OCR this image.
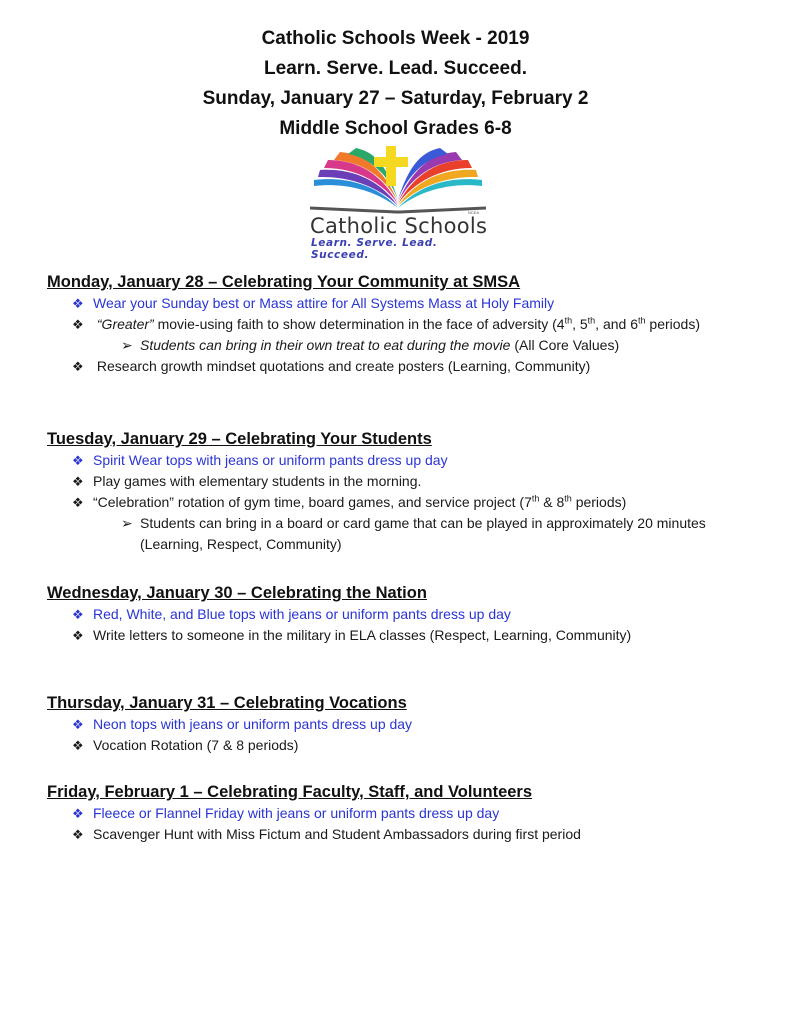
Catholic Schools Week - 2019
Learn. Serve. Lead. Succeed.
Sunday, January 27 – Saturday, February 2
Middle School Grades 6-8
Catholic Schools
Learn. Serve. Lead. Succeed.
NCEA
Monday, January 28 – Celebrating Your Community at SMSA
❖ Wear your Sunday best or Mass attire for All Systems Mass at Holy Family
❖ “Greater” movie-using faith to show determination in the face of adversity (4th, 5th, and 6th periods)
➢ Students can bring in their own treat to eat during the movie (All Core Values)
❖ Research growth mindset quotations and create posters (Learning, Community)
Tuesday, January 29 – Celebrating Your Students
❖ Spirit Wear tops with jeans or uniform pants dress up day
❖ Play games with elementary students in the morning.
❖ “Celebration” rotation of gym time, board games, and service project (7th & 8th periods)
➢ Students can bring in a board or card game that can be played in approximately 20 minutes (Learning, Respect, Community)
Wednesday, January 30 – Celebrating the Nation
❖ Red, White, and Blue tops with jeans or uniform pants dress up day
❖ Write letters to someone in the military in ELA classes (Respect, Learning, Community)
Thursday, January 31 – Celebrating Vocations
❖ Neon tops with jeans or uniform pants dress up day
❖ Vocation Rotation (7 & 8 periods)
Friday, February 1 – Celebrating Faculty, Staff, and Volunteers
❖ Fleece or Flannel Friday with jeans or uniform pants dress up day
❖ Scavenger Hunt with Miss Fictum and Student Ambassadors during first period
